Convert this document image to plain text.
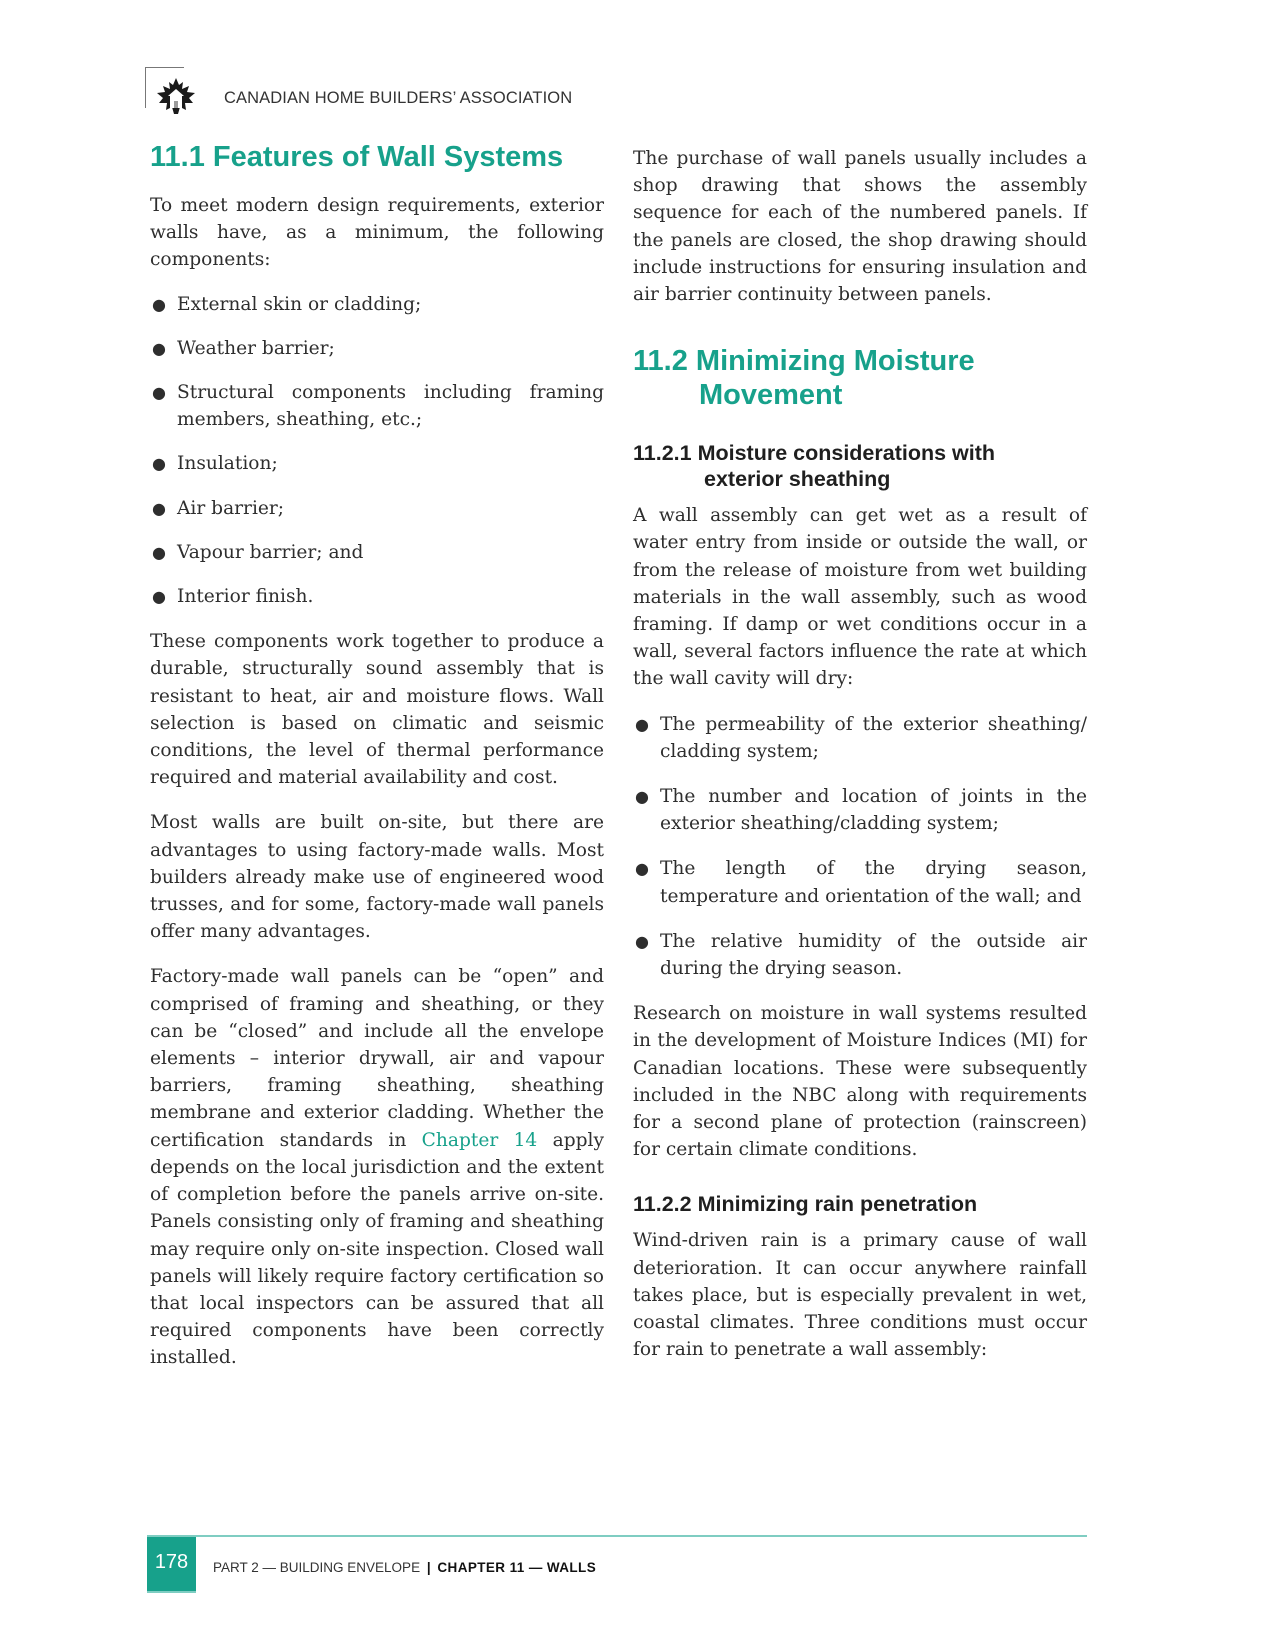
CANADIAN HOME BUILDERS’ ASSOCIATION
11.1 Features of Wall Systems

To meet modern design requirements, exterior walls have, as a minimum, the following components:

● External skin or cladding;
● Weather barrier;
● Structural components including framing members, sheathing, etc.;
● Insulation;
● Air barrier;
● Vapour barrier; and
● Interior finish.

These components work together to produce a durable, structurally sound assembly that is resistant to heat, air and moisture flows. Wall selection is based on climatic and seismic conditions, the level of thermal performance required and material availability and cost.

Most walls are built on-site, but there are advantages to using factory-made walls. Most builders already make use of engineered wood trusses, and for some, factory-made wall panels offer many advantages.

Factory-made wall panels can be “open” and comprised of framing and sheathing, or they can be “closed” and include all the envelope elements – interior drywall, air and vapour barriers, framing sheathing, sheathing membrane and exterior cladding. Whether the certification standards in Chapter 14 apply depends on the local jurisdiction and the extent of completion before the panels arrive on-site. Panels consisting only of framing and sheathing may require only on-site inspection. Closed wall panels will likely require factory certification so that local inspectors can be assured that all required components have been correctly installed.

The purchase of wall panels usually includes a shop drawing that shows the assembly sequence for each of the numbered panels. If the panels are closed, the shop drawing should include instructions for ensuring insulation and air barrier continuity between panels.

11.2 Minimizing Moisture
Movement
11.2.1 Moisture considerations with
exterior sheathing

A wall assembly can get wet as a result of water entry from inside or outside the wall, or from the release of moisture from wet building materials in the wall assembly, such as wood framing. If damp or wet conditions occur in a wall, several factors influence the rate at which the wall cavity will dry:

● The permeability of the exterior sheathing/ cladding system;
● The number and location of joints in the exterior sheathing/cladding system;
● The length of the drying season, temperature and orientation of the wall; and
● The relative humidity of the outside air during the drying season.

Research on moisture in wall systems resulted in the development of Moisture Indices (MI) for Canadian locations. These were subsequently included in the NBC along with requirements for a second plane of protection (rainscreen) for certain climate conditions.

11.2.2 Minimizing rain penetration

Wind-driven rain is a primary cause of wall deterioration. It can occur anywhere rainfall takes place, but is especially prevalent in wet, coastal climates. Three conditions must occur for rain to penetrate a wall assembly:

178	PART 2 — BUILDING ENVELOPE | CHAPTER 11 — WALLS
